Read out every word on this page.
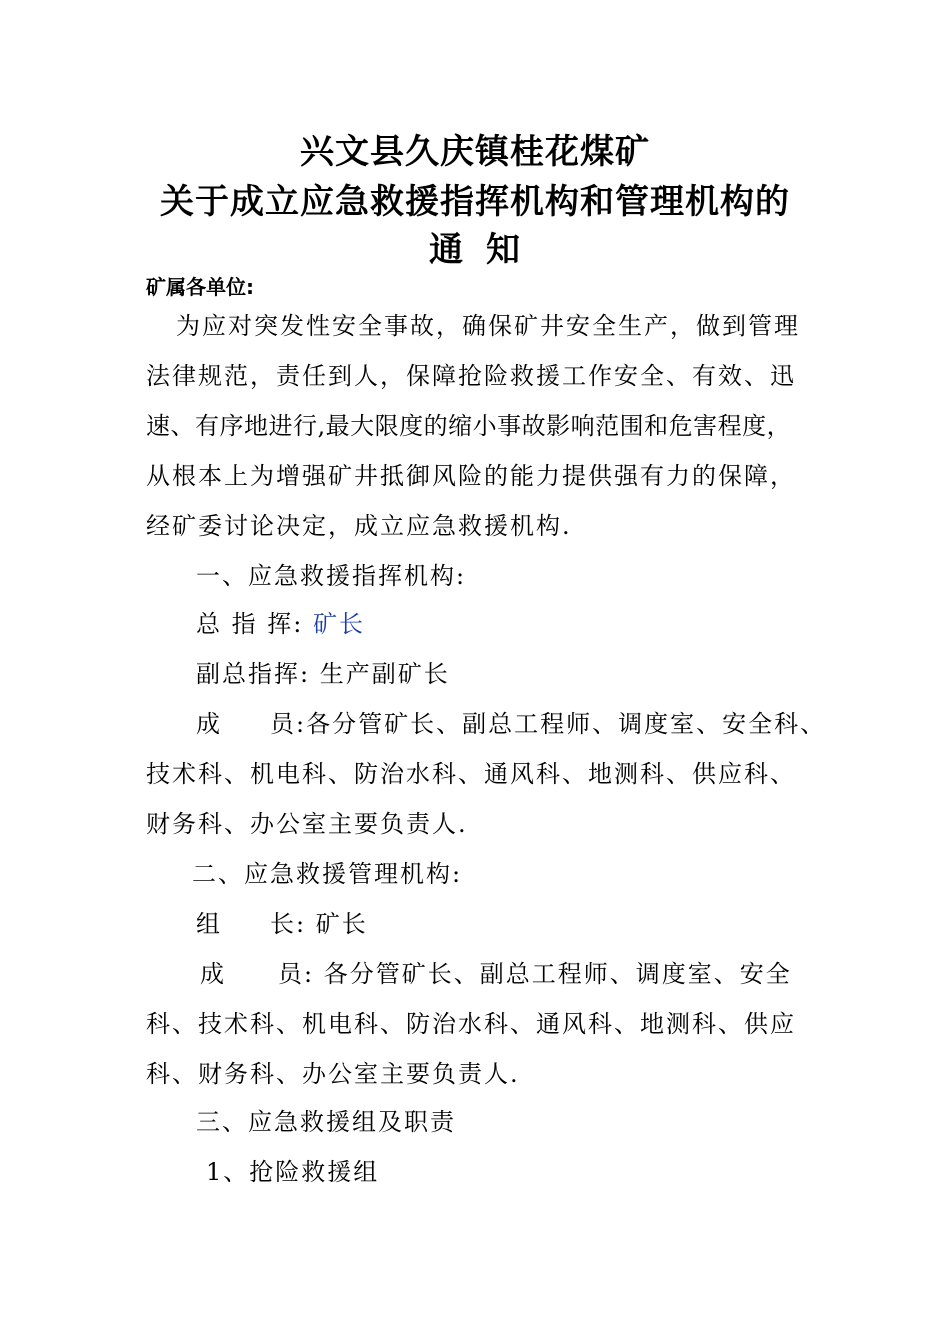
兴文县久庆镇桂花煤矿
关于成立应急救援指挥机构和管理机构的
通 知
矿属各单位:
为应对突发性安全事故，确保矿井安全生产，做到管理
法律规范，责任到人，保障抢险救援工作安全、有效、迅
速、有序地进行,最大限度的缩小事故影响范围和危害程度，
从根本上为增强矿井抵御风险的能力提供强有力的保障，
经矿委讨论决定，成立应急救援机构.
一、应急救援指挥机构:
总 指 挥: 矿长
副总指挥: 生产副矿长
成 员:各分管矿长、副总工程师、调度室、安全科、
技术科、机电科、防治水科、通风科、地测科、供应科、
财务科、办公室主要负责人.
二、应急救援管理机构:
组 长: 矿长
成 员: 各分管矿长、副总工程师、调度室、安全
科、技术科、机电科、防治水科、通风科、地测科、供应
科、财务科、办公室主要负责人.
三、应急救援组及职责
1、抢险救援组
